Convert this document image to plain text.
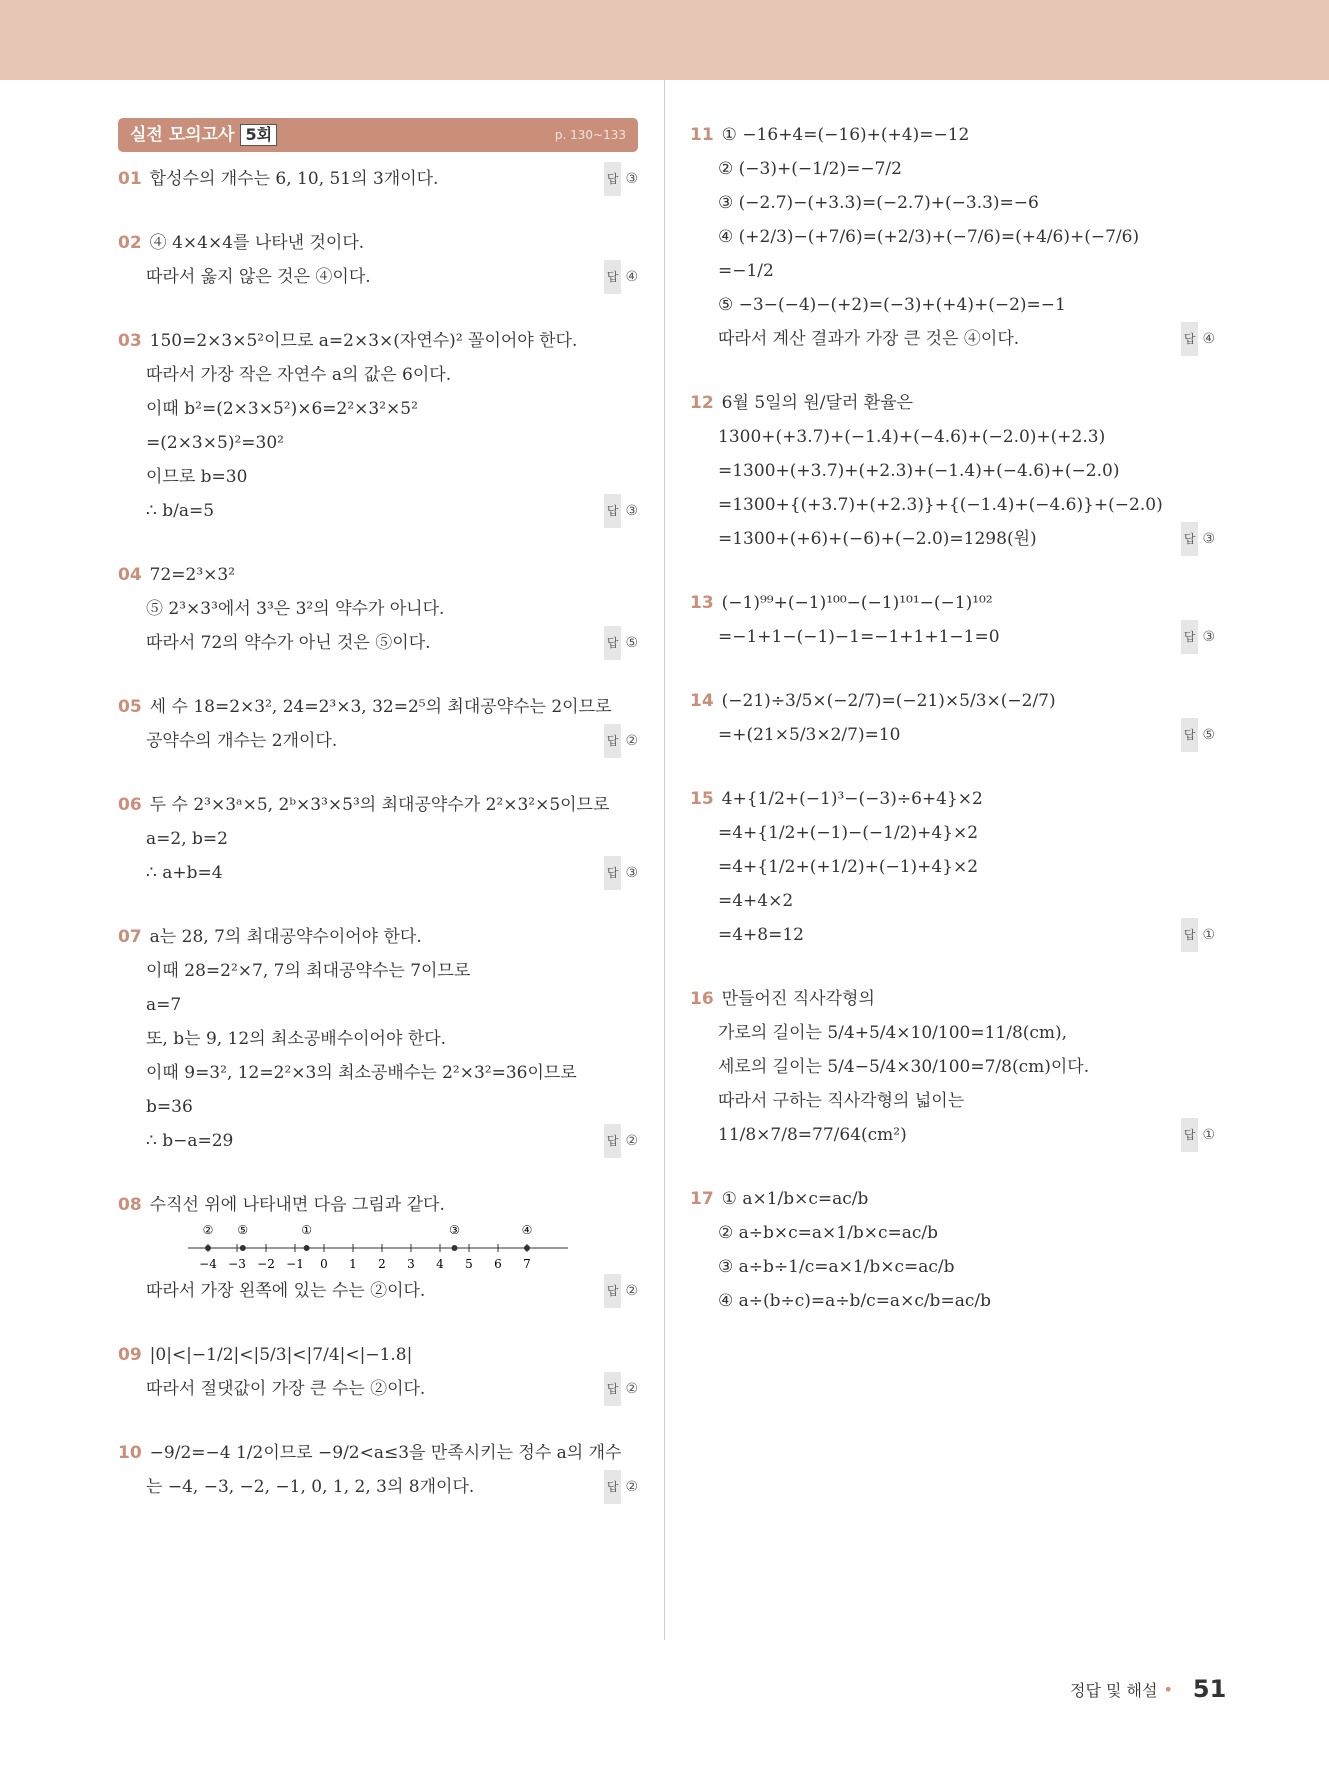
실전 모의고사 5회	p. 130~133
01 합성수의 개수는 6, 10, 51의 3개이다.	답 ③
02 ④ 4×4×4를 나타낸 것이다.
따라서 옳지 않은 것은 ④이다.	답 ④
03 150=2×3×5²이므로 a=2×3×(자연수)² 꼴이어야 한다.
따라서 가장 작은 자연수 a의 값은 6이다.
이때 b²=(2×3×5²)×6=2²×3²×5²
=(2×3×5)²=30²
이므로 b=30
∴ b/a=5	답 ③
04 72=2³×3²
⑤ 2³×3³에서 3³은 3²의 약수가 아니다.
따라서 72의 약수가 아닌 것은 ⑤이다.	답 ⑤
05 세 수 18=2×3², 24=2³×3, 32=2⁵의 최대공약수는 2이므로
공약수의 개수는 2개이다.	답 ②
06 두 수 2³×3ᵃ×5, 2ᵇ×3³×5³의 최대공약수가 2²×3²×5이므로
a=2, b=2
∴ a+b=4	답 ③
07 a는 28, 7의 최대공약수이어야 한다.
이때 28=2²×7, 7의 최대공약수는 7이므로
a=7
또, b는 9, 12의 최소공배수이어야 한다.
이때 9=3², 12=2²×3의 최소공배수는 2²×3²=36이므로
b=36
∴ b−a=29	답 ②
08 수직선 위에 나타내면 다음 그림과 같다.
−4 −3 −2 −1 0 1 2 3 4 5 6 7
② ⑤	①	③	④
따라서 가장 왼쪽에 있는 수는 ②이다.	답 ②
09 |0|<|−1/2|<|5/3|<|7/4|<|−1.8|
따라서 절댓값이 가장 큰 수는 ②이다.	답 ②
10 −9/2=−4 1/2이므로 −9/2<a≤3을 만족시키는 정수 a의 개수
는 −4, −3, −2, −1, 0, 1, 2, 3의 8개이다.	답 ②
11 ① −16+4=(−16)+(+4)=−12
② (−3)+(−1/2)=−7/2
③ (−2.7)−(+3.3)=(−2.7)+(−3.3)=−6
④ (+2/3)−(+7/6)=(+2/3)+(−7/6)=(+4/6)+(−7/6)
=−1/2
⑤ −3−(−4)−(+2)=(−3)+(+4)+(−2)=−1
따라서 계산 결과가 가장 큰 것은 ④이다.	답 ④
12 6월 5일의 원/달러 환율은
1300+(+3.7)+(−1.4)+(−4.6)+(−2.0)+(+2.3)
=1300+(+3.7)+(+2.3)+(−1.4)+(−4.6)+(−2.0)
=1300+{(+3.7)+(+2.3)}+{(−1.4)+(−4.6)}+(−2.0)
=1300+(+6)+(−6)+(−2.0)=1298(원)	답 ③
13 (−1)⁹⁹+(−1)¹⁰⁰−(−1)¹⁰¹−(−1)¹⁰²
=−1+1−(−1)−1=−1+1+1−1=0	답 ③
14 (−21)÷3/5×(−2/7)=(−21)×5/3×(−2/7)
=+(21×5/3×2/7)=10	답 ⑤
15 4+{1/2+(−1)³−(−3)÷6+4}×2
=4+{1/2+(−1)−(−1/2)+4}×2
=4+{1/2+(+1/2)+(−1)+4}×2
=4+4×2
=4+8=12	답 ①
16 만들어진 직사각형의
가로의 길이는 5/4+5/4×10/100=11/8(cm),
세로의 길이는 5/4−5/4×30/100=7/8(cm)이다.
따라서 구하는 직사각형의 넓이는
11/8×7/8=77/64(cm²)	답 ①
17 ① a×1/b×c=ac/b
② a÷b×c=a×1/b×c=ac/b
③ a÷b÷1/c=a×1/b×c=ac/b
④ a÷(b÷c)=a÷b/c=a×c/b=ac/b
정답 및 해설 • 51
